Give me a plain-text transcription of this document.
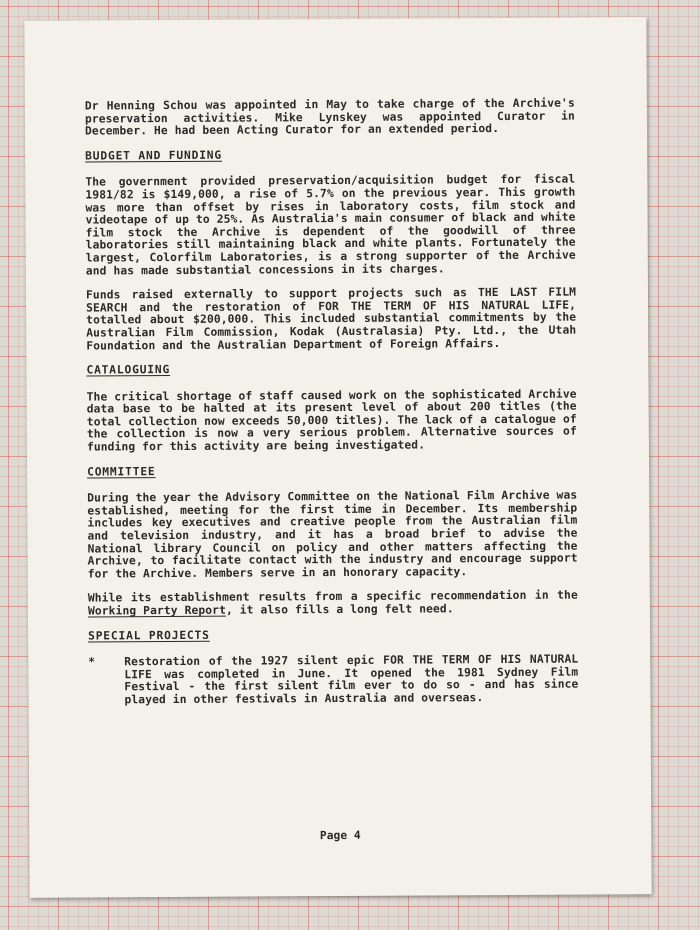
Dr Henning Schou was appointed in May to take charge of the Archive's preservation activities. Mike Lynskey was appointed Curator in December. He had been Acting Curator for an extended period.

BUDGET AND FUNDING

The government provided preservation/acquisition budget for fiscal 1981/82 is $149,000, a rise of 5.7% on the previous year. This growth was more than offset by rises in laboratory costs, film stock and videotape of up to 25%. As Australia's main consumer of black and white film stock the Archive is dependent of the goodwill of three laboratories still maintaining black and white plants. Fortunately the largest, Colorfilm Laboratories, is a strong supporter of the Archive and has made substantial concessions in its charges.

Funds raised externally to support projects such as THE LAST FILM SEARCH and the restoration of FOR THE TERM OF HIS NATURAL LIFE, totalled about $200,000. This included substantial commitments by the Australian Film Commission, Kodak (Australasia) Pty. Ltd., the Utah Foundation and the Australian Department of Foreign Affairs.

CATALOGUING

The critical shortage of staff caused work on the sophisticated Archive data base to be halted at its present level of about 200 titles (the total collection now exceeds 50,000 titles). The lack of a catalogue of the collection is now a very serious problem. Alternative sources of funding for this activity are being investigated.

COMMITTEE

During the year the Advisory Committee on the National Film Archive was established, meeting for the first time in December. Its membership includes key executives and creative people from the Australian film and television industry, and it has a broad brief to advise the National library Council on policy and other matters affecting the Archive, to facilitate contact with the industry and encourage support for the Archive. Members serve in an honorary capacity.

While its establishment results from a specific recommendation in the Working Party Report, it also fills a long felt need.

SPECIAL PROJECTS
*	Restoration of the 1927 silent epic FOR THE TERM OF HIS NATURAL LIFE was completed in June. It opened the 1981 Sydney Film Festival - the first silent film ever to do so - and has since played in other festivals in Australia and overseas.
Page 4
